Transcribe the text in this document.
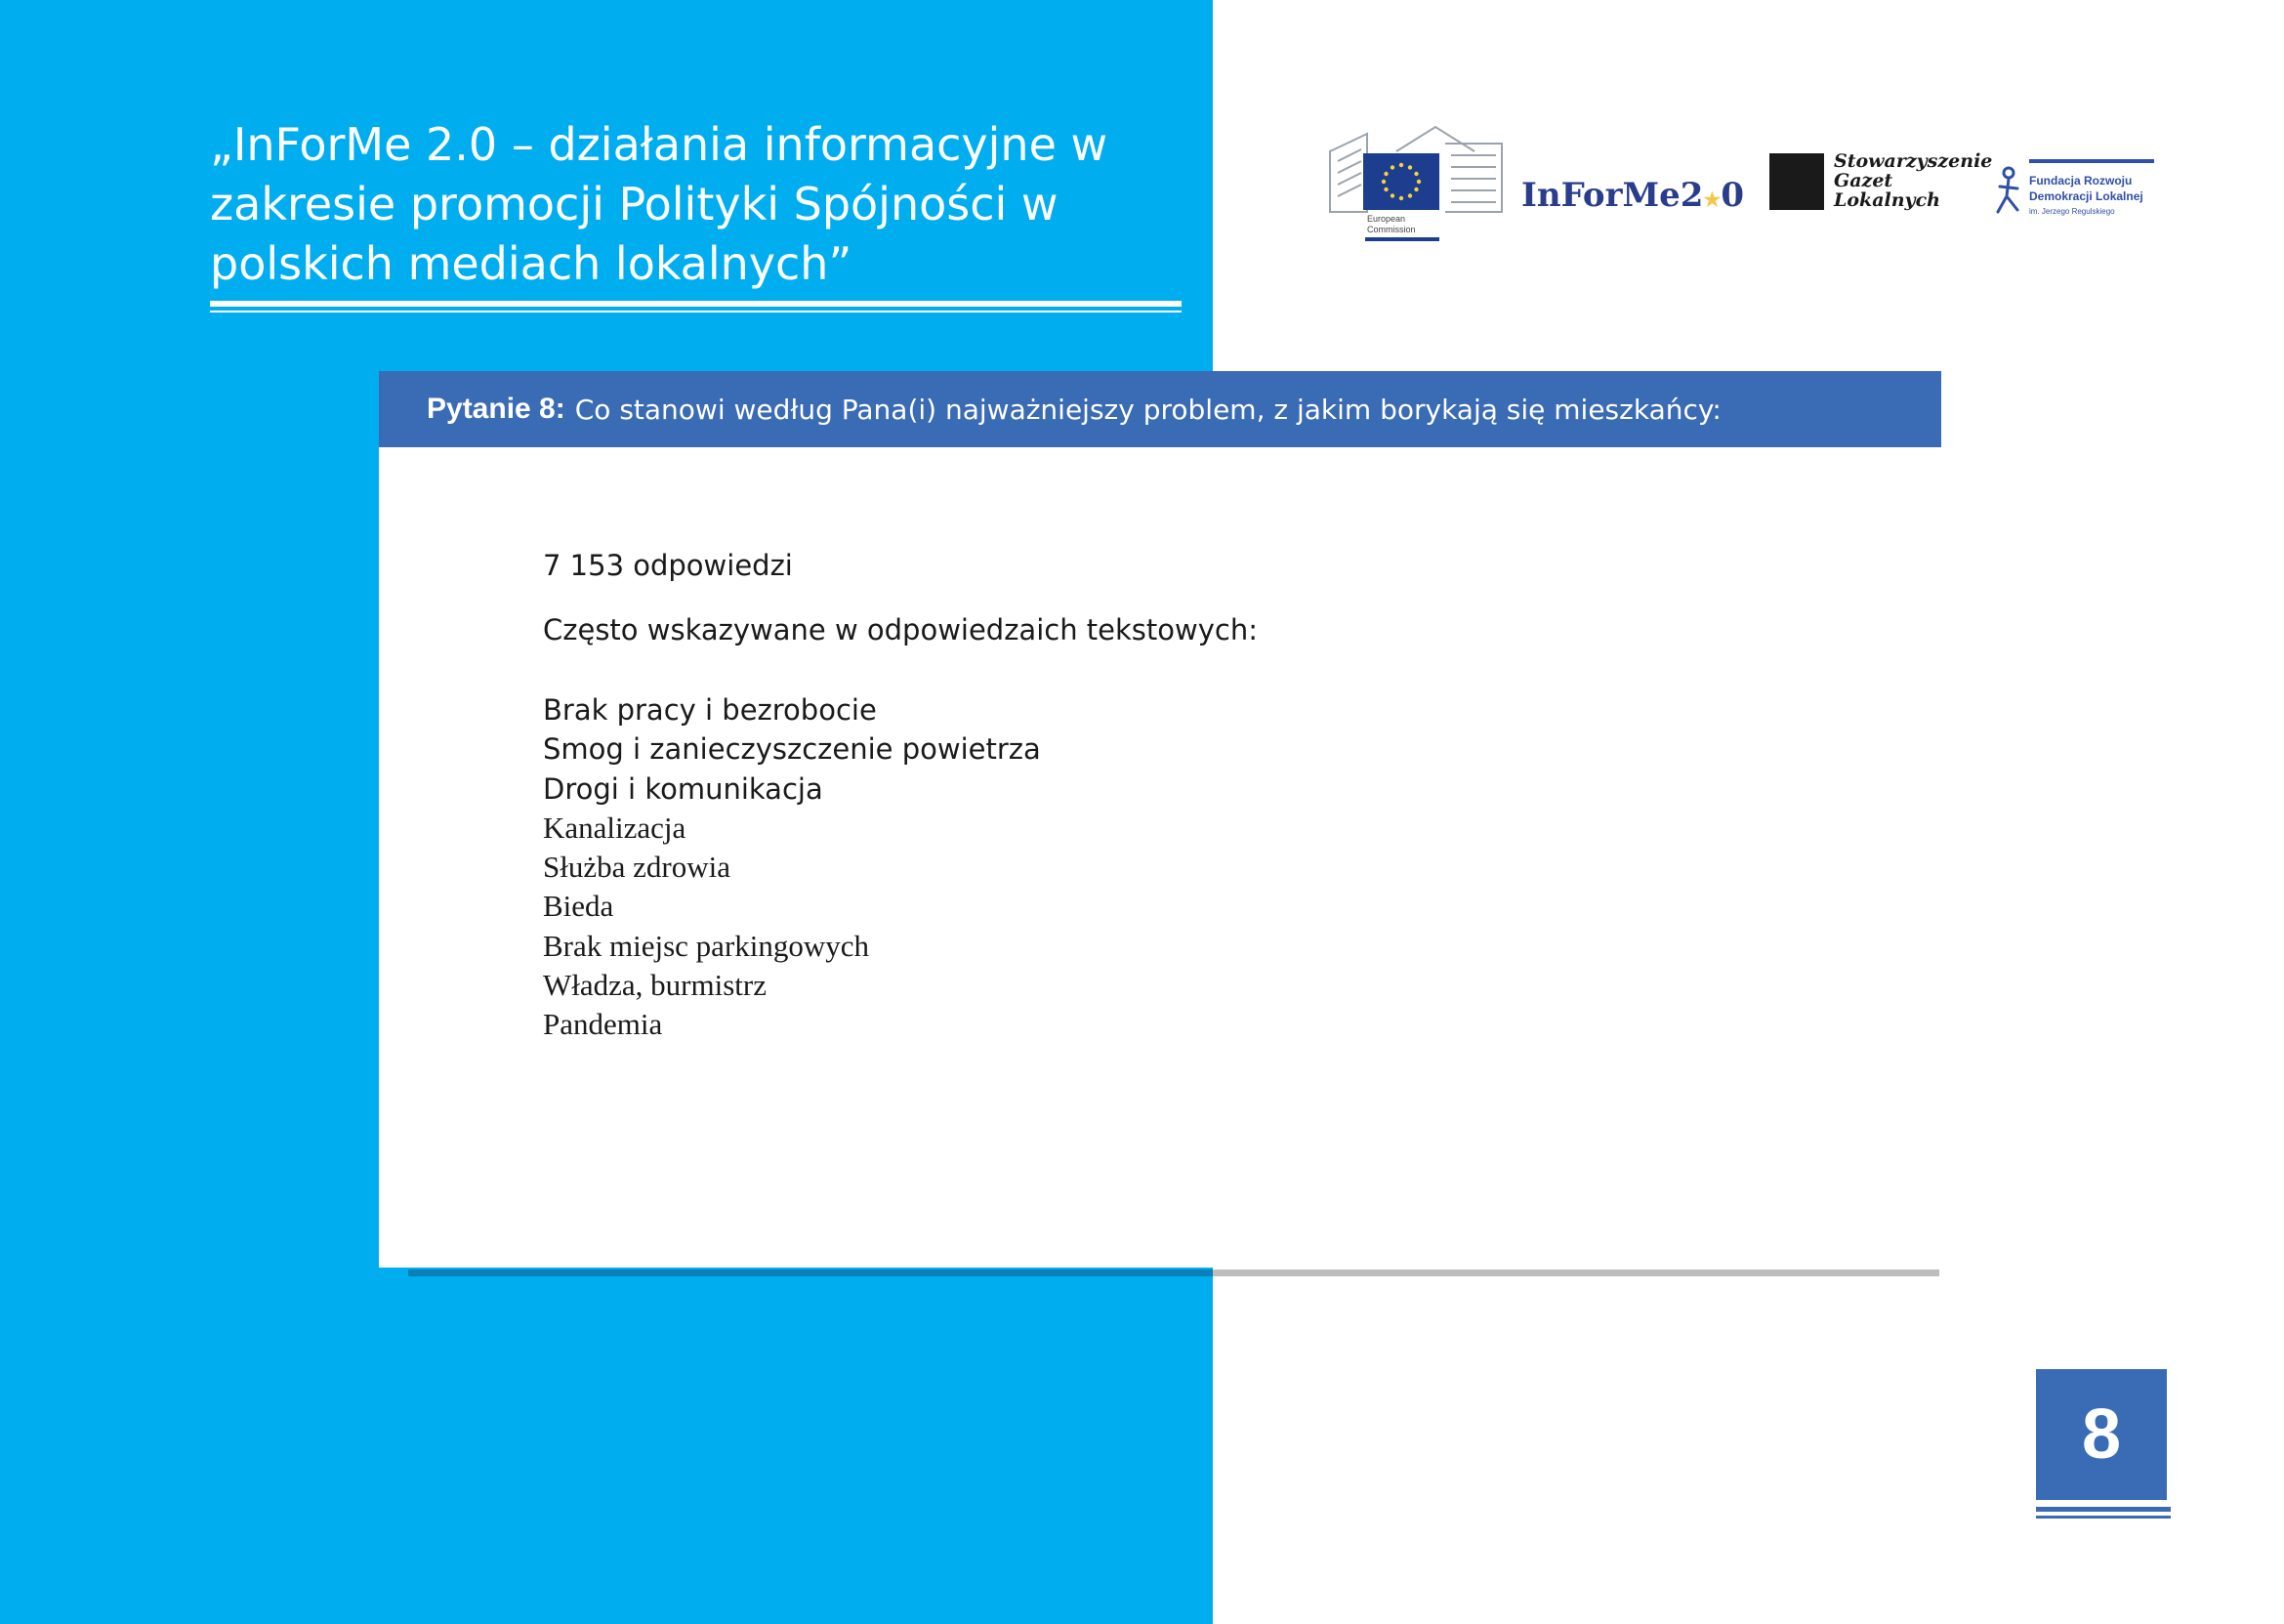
„InForMe 2.0 – działania informacyjne w zakresie promocji Polityki Spójności w polskich mediach lokalnych”
European
Commission
InForMe2★0
Stowarzyszenie
Gazet
Lokalnych
Fundacja Rozwoju
Demokracji Lokalnej
im. Jerzego Regulskiego
Pytanie 8: Co stanowi według Pana(i) najważniejszy problem, z jakim borykają się mieszkańcy:

7 153 odpowiedzi

Często wskazywane w odpowiedzaich tekstowych:

Brak pracy i bezrobocie
Smog i zanieczyszczenie powietrza
Drogi i komunikacja
Kanalizacja
Służba zdrowia
Bieda
Brak miejsc parkingowych
Władza, burmistrz
Pandemia
8
